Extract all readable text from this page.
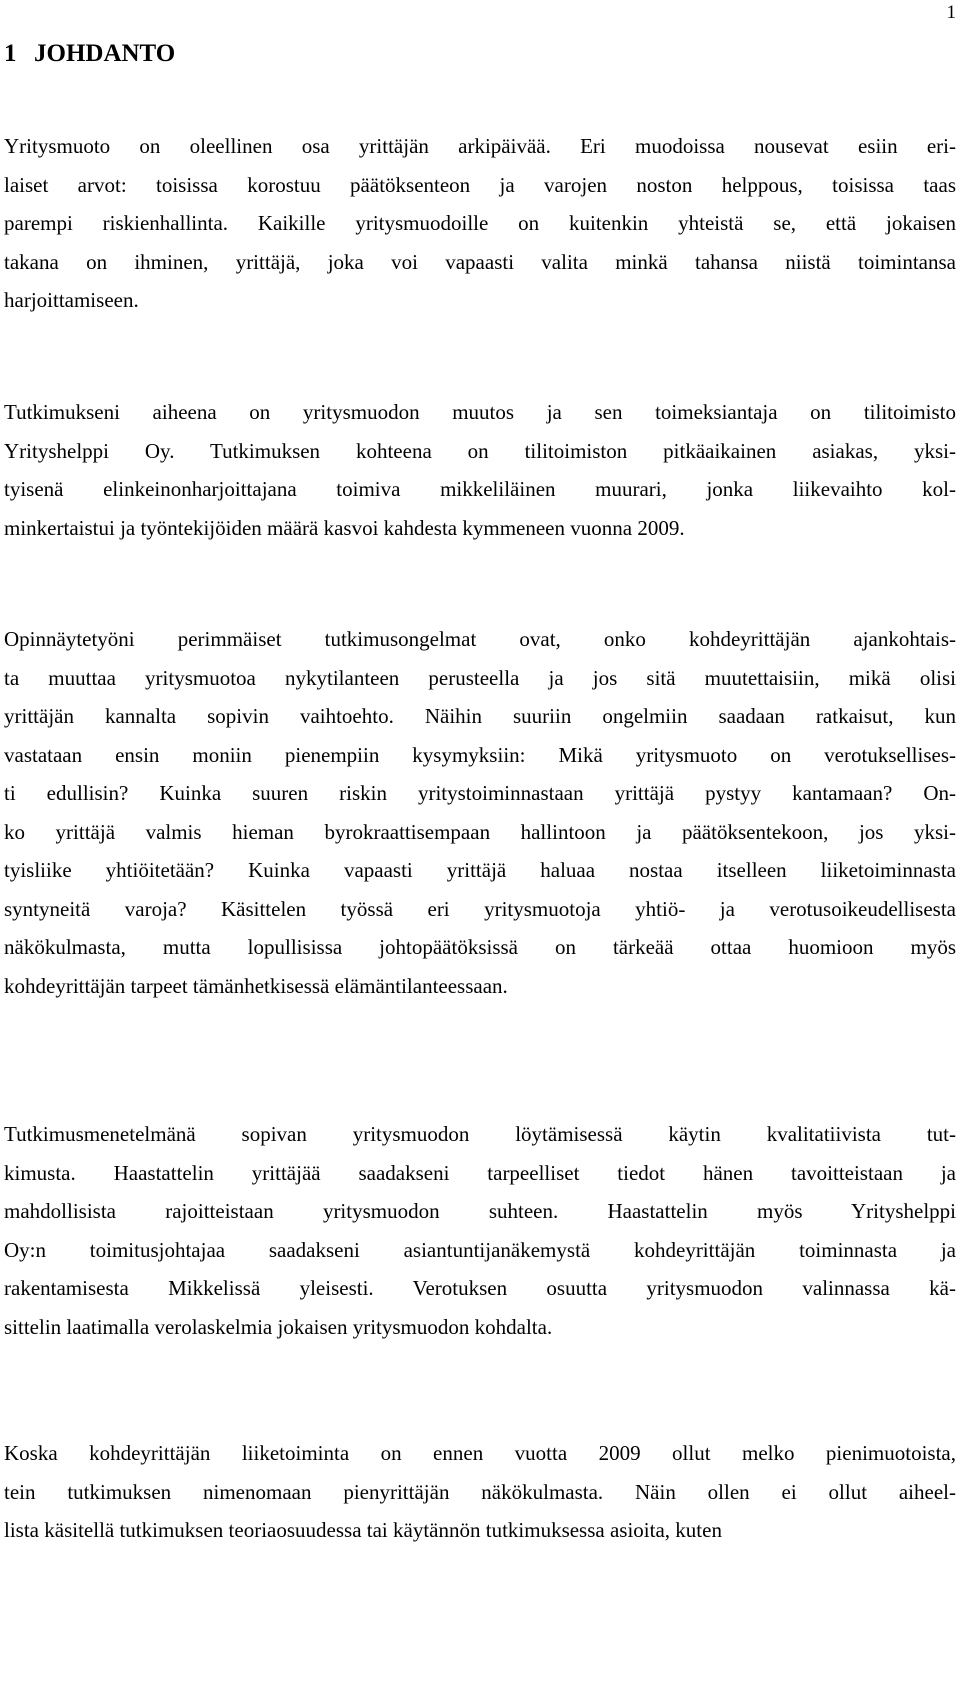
1
1 JOHDANTO

Yritysmuoto on oleellinen osa yrittäjän arkipäivää. Eri muodoissa nousevat esiin eri-
laiset arvot: toisissa korostuu päätöksenteon ja varojen noston helppous, toisissa taas
parempi riskienhallinta. Kaikille yritysmuodoille on kuitenkin yhteistä se, että jokaisen
takana on ihminen, yrittäjä, joka voi vapaasti valita minkä tahansa niistä toimintansa
harjoittamiseen.

Tutkimukseni aiheena on yritysmuodon muutos ja sen toimeksiantaja on tilitoimisto
Yrityshelppi Oy. Tutkimuksen kohteena on tilitoimiston pitkäaikainen asiakas, yksi-
tyisenä elinkeinonharjoittajana toimiva mikkeliläinen muurari, jonka liikevaihto kol-
minkertaistui ja työntekijöiden määrä kasvoi kahdesta kymmeneen vuonna 2009.

Opinnäytetyöni perimmäiset tutkimusongelmat ovat, onko kohdeyrittäjän ajankohtais-
ta muuttaa yritysmuotoa nykytilanteen perusteella ja jos sitä muutettaisiin, mikä olisi
yrittäjän kannalta sopivin vaihtoehto. Näihin suuriin ongelmiin saadaan ratkaisut, kun
vastataan ensin moniin pienempiin kysymyksiin: Mikä yritysmuoto on verotuksellises-
ti edullisin? Kuinka suuren riskin yritystoiminnastaan yrittäjä pystyy kantamaan? On-
ko yrittäjä valmis hieman byrokraattisempaan hallintoon ja päätöksentekoon, jos yksi-
tyisliike yhtiöitetään? Kuinka vapaasti yrittäjä haluaa nostaa itselleen liiketoiminnasta
syntyneitä varoja? Käsittelen työssä eri yritysmuotoja yhtiö- ja verotusoikeudellisesta
näkökulmasta, mutta lopullisissa johtopäätöksissä on tärkeää ottaa huomioon myös
kohdeyrittäjän tarpeet tämänhetkisessä elämäntilanteessaan.

Tutkimusmenetelmänä sopivan yritysmuodon löytämisessä käytin kvalitatiivista tut-
kimusta. Haastattelin yrittäjää saadakseni tarpeelliset tiedot hänen tavoitteistaan ja
mahdollisista rajoitteistaan yritysmuodon suhteen. Haastattelin myös Yrityshelppi
Oy:n toimitusjohtajaa saadakseni asiantuntijanäkemystä kohdeyrittäjän toiminnasta ja
rakentamisesta Mikkelissä yleisesti. Verotuksen osuutta yritysmuodon valinnassa kä-
sittelin laatimalla verolaskelmia jokaisen yritysmuodon kohdalta.

Koska kohdeyrittäjän liiketoiminta on ennen vuotta 2009 ollut melko pienimuotoista,
tein tutkimuksen nimenomaan pienyrittäjän näkökulmasta. Näin ollen ei ollut aiheel-
lista käsitellä tutkimuksen teoriaosuudessa tai käytännön tutkimuksessa asioita, kuten
